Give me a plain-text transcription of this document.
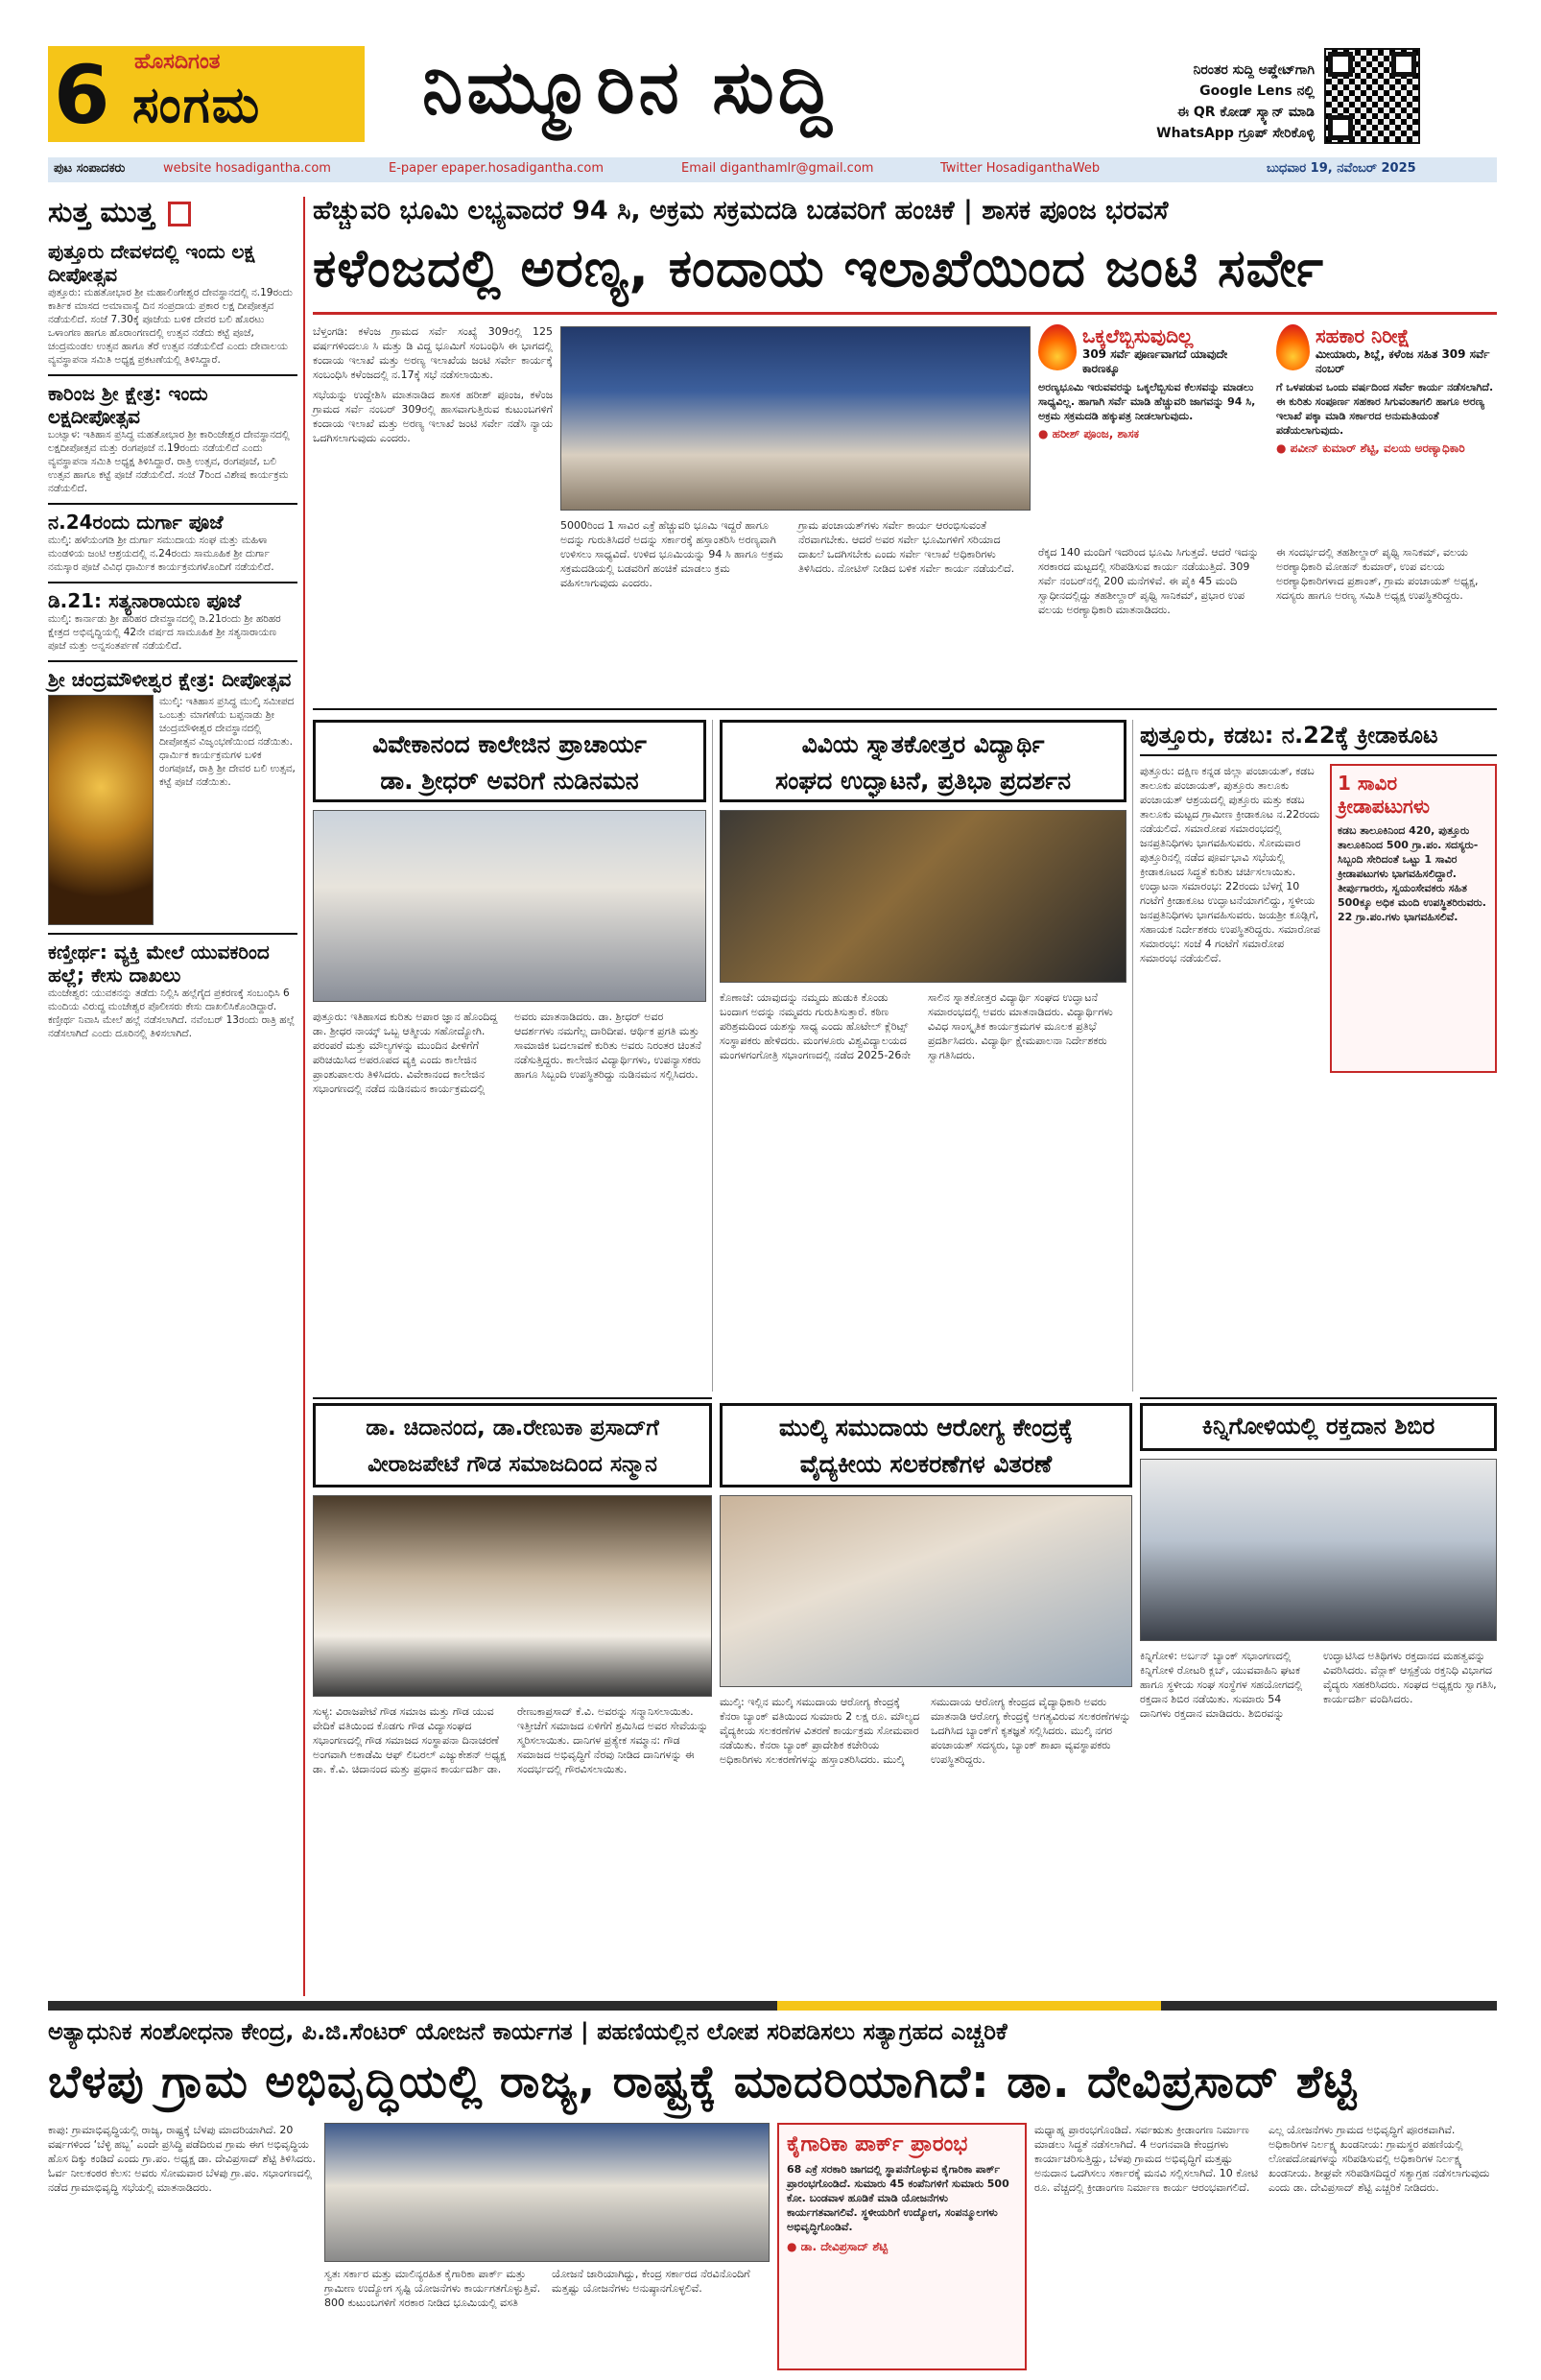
6 ಹೊಸದಿಗಂತ
ಸಂಗಮ ನಿಮ್ಮೂರಿನ ಸುದ್ದಿ	ನಿರಂತರ ಸುದ್ದಿ ಅಪ್ಡೇಟ್‌ಗಾಗಿ
Google Lens ನಲ್ಲಿ
ಈ QR ಕೋಡ್ ಸ್ಕ್ಯಾನ್ ಮಾಡಿ
WhatsApp ಗ್ರೂಪ್ ಸೇರಿಕೊಳ್ಳಿ
ಪುಟ ಸಂಪಾದಕರು	website hosadigantha.com	E-paper epaper.hosadigantha.com	Email diganthamlr@gmail.com	Twitter HosadiganthaWeb	ಬುಧವಾರ 19, ನವೆಂಬರ್ 2025
ಸುತ್ತ ಮುತ್ತ
ಪುತ್ತೂರು ದೇವಳದಲ್ಲಿ ಇಂದು ಲಕ್ಷ ದೀಪೋತ್ಸವ
ಪುತ್ತೂರು: ಮಹತೋಭಾರ ಶ್ರೀ ಮಹಾಲಿಂಗೇಶ್ವರ ದೇವಸ್ಥಾನದಲ್ಲಿ ನ.19ರಂದು ಕಾರ್ತಿಕ ಮಾಸದ ಅಮಾವಾಸ್ಯೆ ದಿನ ಸಂಪ್ರದಾಯ ಪ್ರಕಾರ ಲಕ್ಷ ದೀಪೋತ್ಸವ ನಡೆಯಲಿದೆ. ಸಂಜೆ 7.30ಕ್ಕೆ ಪೂಜೆಯ ಬಳಿಕ ದೇವರ ಬಲಿ ಹೊರಟು ಒಳಾಂಗಣ ಹಾಗೂ ಹೊರಾಂಗಣದಲ್ಲಿ ಉತ್ಸವ ನಡೆದು ಕಟ್ಟೆ ಪೂಜೆ, ಚಂದ್ರಮಂಡಲ ಉತ್ಸವ ಹಾಗೂ ತೆರೆ ಉತ್ಸವ ನಡೆಯಲಿದೆ ಎಂದು ದೇವಾಲಯ ವ್ಯವಸ್ಥಾಪನಾ ಸಮಿತಿ ಅಧ್ಯಕ್ಷ ಪ್ರಕಟಣೆಯಲ್ಲಿ ತಿಳಿಸಿದ್ದಾರೆ.
ಕಾರಿಂಜ ಶ್ರೀ ಕ್ಷೇತ್ರ: ಇಂದು ಲಕ್ಷದೀಪೋತ್ಸವ
ಬಂಟ್ವಾಳ: ಇತಿಹಾಸ ಪ್ರಸಿದ್ಧ ಮಹತೋಭಾರ ಶ್ರೀ ಕಾರಿಂಜೇಶ್ವರ ದೇವಸ್ಥಾನದಲ್ಲಿ ಲಕ್ಷದೀಪೋತ್ಸವ ಮತ್ತು ರಂಗಪೂಜೆ ನ.19ರಂದು ನಡೆಯಲಿದೆ ಎಂದು ವ್ಯವಸ್ಥಾಪನಾ ಸಮಿತಿ ಅಧ್ಯಕ್ಷ ತಿಳಿಸಿದ್ದಾರೆ. ರಾತ್ರಿ ಉತ್ಸವ, ರಂಗಪೂಜೆ, ಬಲಿ ಉತ್ಸವ ಹಾಗೂ ಕಟ್ಟೆ ಪೂಜೆ ನಡೆಯಲಿದೆ. ಸಂಜೆ 7ರಿಂದ ವಿಶೇಷ ಕಾರ್ಯಕ್ರಮ ನಡೆಯಲಿದೆ.
ನ.24ರಂದು ದುರ್ಗಾ ಪೂಜೆ
ಮುಲ್ಕಿ: ಹಳೆಯಂಗಡಿ ಶ್ರೀ ದುರ್ಗಾ ಸಮುದಾಯ ಸಂಘ ಮತ್ತು ಮಹಿಳಾ ಮಂಡಳಿಯ ಜಂಟಿ ಆಶ್ರಯದಲ್ಲಿ ನ.24ರಂದು ಸಾಮೂಹಿಕ ಶ್ರೀ ದುರ್ಗಾ ನಮಸ್ಕಾರ ಪೂಜೆ ವಿವಿಧ ಧಾರ್ಮಿಕ ಕಾರ್ಯಕ್ರಮಗಳೊಂದಿಗೆ ನಡೆಯಲಿದೆ.
ಡಿ.21: ಸತ್ಯನಾರಾಯಣ ಪೂಜೆ
ಮುಲ್ಕಿ: ಕಾರ್ನಾಡು ಶ್ರೀ ಹರಿಹರ ದೇವಸ್ಥಾನದಲ್ಲಿ ಡಿ.21ರಂದು ಶ್ರೀ ಹರಿಹರ ಕ್ಷೇತ್ರದ ಅಭಿವೃದ್ಧಿಯಲ್ಲಿ 42ನೇ ವರ್ಷದ ಸಾಮೂಹಿಕ ಶ್ರೀ ಸತ್ಯನಾರಾಯಣ ಪೂಜೆ ಮತ್ತು ಅನ್ನಸಂತರ್ಪಣೆ ನಡೆಯಲಿದೆ.
ಶ್ರೀ ಚಂದ್ರಮೌಳೀಶ್ವರ ಕ್ಷೇತ್ರ: ದೀಪೋತ್ಸವ
ಮುಲ್ಕಿ: ಇತಿಹಾಸ ಪ್ರಸಿದ್ಧ ಮುಲ್ಕಿ ಸಮೀಪದ ಒಂಬತ್ತು ಮಾಗಣೆಯ ಬಪ್ಪನಾಡು ಶ್ರೀ ಚಂದ್ರಮೌಳೀಶ್ವರ ದೇವಸ್ಥಾನದಲ್ಲಿ ದೀಪೋತ್ಸವ ವಿಜೃಂಭಣೆಯಿಂದ ನಡೆಯಿತು. ಧಾರ್ಮಿಕ ಕಾರ್ಯಕ್ರಮಗಳ ಬಳಿಕ ರಂಗಪೂಜೆ, ರಾತ್ರಿ ಶ್ರೀ ದೇವರ ಬಲಿ ಉತ್ಸವ, ಕಟ್ಟೆ ಪೂಜೆ ನಡೆಯಿತು.
ಕಣ್ತೀರ್ಥ: ವ್ಯಕ್ತಿ ಮೇಲೆ ಯುವಕರಿಂದ ಹಲ್ಲೆ; ಕೇಸು ದಾಖಲು
ಮಂಜೇಶ್ವರ: ಯುವಕನನ್ನು ತಡೆದು ನಿಲ್ಲಿಸಿ ಹಲ್ಲೆಗೈದ ಪ್ರಕರಣಕ್ಕೆ ಸಂಬಂಧಿಸಿ 6 ಮಂದಿಯ ವಿರುದ್ಧ ಮಂಜೇಶ್ವರ ಪೊಲೀಸರು ಕೇಸು ದಾಖಲಿಸಿಕೊಂಡಿದ್ದಾರೆ. ಕಣ್ತೀರ್ಥ ನಿವಾಸಿ ಮೇಲೆ ಹಲ್ಲೆ ನಡೆಸಲಾಗಿದೆ. ನವೆಂಬರ್ 13ರಂದು ರಾತ್ರಿ ಹಲ್ಲೆ ನಡೆಸಲಾಗಿದೆ ಎಂದು ದೂರಿನಲ್ಲಿ ತಿಳಿಸಲಾಗಿದೆ.
ಹೆಚ್ಚುವರಿ ಭೂಮಿ ಲಭ್ಯವಾದರೆ 94 ಸಿ, ಅಕ್ರಮ ಸಕ್ರಮದಡಿ ಬಡವರಿಗೆ ಹಂಚಿಕೆ | ಶಾಸಕ ಪೂಂಜ ಭರವಸೆ
ಕಳೆಂಜದಲ್ಲಿ ಅರಣ್ಯ, ಕಂದಾಯ ಇಲಾಖೆಯಿಂದ ಜಂಟಿ ಸರ್ವೇ

ಬೆಳ್ತಂಗಡಿ: ಕಳೆಂಜ ಗ್ರಾಮದ ಸರ್ವೆ ಸಂಖ್ಯೆ 309ರಲ್ಲಿ 125 ವರ್ಷಗಳಿಂದಲೂ ಸಿ ಮತ್ತು ಡಿ ವಿದ್ದ ಭೂಮಿಗೆ ಸಂಬಂಧಿಸಿ ಈ ಭಾಗದಲ್ಲಿ ಕಂದಾಯ ಇಲಾಖೆ ಮತ್ತು ಅರಣ್ಯ ಇಲಾಖೆಯ ಜಂಟಿ ಸರ್ವೇ ಕಾರ್ಯಕ್ಕೆ ಸಂಬಂಧಿಸಿ ಕಳೆಂಜದಲ್ಲಿ ನ.17ಕ್ಕೆ ಸಭೆ ನಡೆಸಲಾಯಿತು.

ಸಭೆಯನ್ನು ಉದ್ದೇಶಿಸಿ ಮಾತನಾಡಿದ ಶಾಸಕ ಹರೀಶ್ ಪೂಂಜ, ಕಳೆಂಜ ಗ್ರಾಮದ ಸರ್ವೆ ನಂಬರ್ 309ರಲ್ಲಿ ಹಾಸವಾಗುತ್ತಿರುವ ಕುಟುಂಬಗಳಿಗೆ ಕಂದಾಯ ಇಲಾಖೆ ಮತ್ತು ಅರಣ್ಯ ಇಲಾಖೆ ಜಂಟಿ ಸರ್ವೇ ನಡೆಸಿ ನ್ಯಾಯ ಒದಗಿಸಲಾಗುವುದು ಎಂದರು.

5000ರಿಂದ 1 ಸಾವಿರ ಎಕ್ರೆ ಹೆಚ್ಚುವರಿ ಭೂಮಿ ಇದ್ದರೆ ಹಾಗೂ ಅದನ್ನು ಗುರುತಿಸಿದರೆ ಅದನ್ನು ಸರ್ಕಾರಕ್ಕೆ ಹಸ್ತಾಂತರಿಸಿ ಅರಣ್ಯವಾಗಿ ಉಳಿಸಲು ಸಾಧ್ಯವಿದೆ. ಉಳಿದ ಭೂಮಿಯನ್ನು 94 ಸಿ ಹಾಗೂ ಅಕ್ರಮ ಸಕ್ರಮದಡಿಯಲ್ಲಿ ಬಡವರಿಗೆ ಹಂಚಿಕೆ ಮಾಡಲು ಕ್ರಮ ವಹಿಸಲಾಗುವುದು ಎಂದರು.
ಗ್ರಾಮ ಪಂಚಾಯತ್‌ಗಳು ಸರ್ವೇ ಕಾರ್ಯ ಆರಂಭಿಸುವಂತೆ ನೆರವಾಗಬೇಕು. ಆದರೆ ಅವರ ಸರ್ವೇ ಭೂಮಿಗಳಿಗೆ ಸರಿಯಾದ ದಾಖಲೆ ಒದಗಿಸಬೇಕು ಎಂದು ಸರ್ವೇ ಇಲಾಖೆ ಅಧಿಕಾರಿಗಳು ತಿಳಿಸಿದರು. ನೋಟಿಸ್ ನೀಡಿದ ಬಳಿಕ ಸರ್ವೇ ಕಾರ್ಯ ನಡೆಯಲಿದೆ.
ಒಕ್ಕಲೆಬ್ಬಿಸುವುದಿಲ್ಲ
309 ಸರ್ವೆ ಪೂರ್ಣವಾಗದೆ ಯಾವುದೇ ಕಾರಣಕ್ಕೂ
ಅರಣ್ಯಭೂಮಿ ಇರುವವರನ್ನು ಒಕ್ಕಲೆಬ್ಬಿಸುವ ಕೆಲಸವನ್ನು ಮಾಡಲು ಸಾಧ್ಯವಿಲ್ಲ. ಹಾಗಾಗಿ ಸರ್ವೆ ಮಾಡಿ ಹೆಚ್ಚುವರಿ ಜಾಗವನ್ನು 94 ಸಿ, ಅಕ್ರಮ ಸಕ್ರಮದಡಿ ಹಕ್ಕುಪತ್ರ ನೀಡಲಾಗುವುದು.
● ಹರೀಶ್ ಪೂಂಜ, ಶಾಸಕ
ಸಹಕಾರ ನಿರೀಕ್ಷೆ
ಮೀಯಾರು, ಶಿಬ್ಲೆ, ಕಳೆಂಜ ಸಹಿತ 309 ಸರ್ವೆ ನಂಬರ್
ಗೆ ಒಳಪಡುವ ಒಂದು ವರ್ಷದಿಂದ ಸರ್ವೇ ಕಾರ್ಯ ನಡೆಸಲಾಗಿದೆ. ಈ ಕುರಿತು ಸಂಪೂರ್ಣ ಸಹಕಾರ ಸಿಗುವಂತಾಗಲಿ ಹಾಗೂ ಅರಣ್ಯ ಇಲಾಖೆ ಪಕ್ಕಾ ಮಾಡಿ ಸರ್ಕಾರದ ಅನುಮತಿಯಂತೆ ಪಡೆಯಲಾಗುವುದು.
● ಪವೀನ್ ಕುಮಾರ್ ಶೆಟ್ಟಿ, ವಲಯ ಅರಣ್ಯಾಧಿಕಾರಿ
ರೆಕ್ಕದ 140 ಮಂದಿಗೆ ಇದರಿಂದ ಭೂಮಿ ಸಿಗುತ್ತದೆ. ಆದರೆ ಇದನ್ನು ಸರಕಾರದ ಮಟ್ಟದಲ್ಲಿ ಸರಿಪಡಿಸುವ ಕಾರ್ಯ ನಡೆಯುತ್ತಿದೆ. 309 ಸರ್ವೆ ನಂಬರ್‌ನಲ್ಲಿ 200 ಮನೆಗಳಿವೆ. ಈ ಪೈಕಿ 45 ಮಂದಿ ಸ್ವಾಧೀನದಲ್ಲಿದ್ದು ತಹಶೀಲ್ದಾರ್ ಪೃಥ್ವಿ ಸಾನಿಕಮ್, ಪ್ರಭಾರ ಉಪ ವಲಯ ಅರಣ್ಯಾಧಿಕಾರಿ ಮಾತನಾಡಿದರು.
ಈ ಸಂದರ್ಭದಲ್ಲಿ ತಹಶೀಲ್ದಾರ್ ಪೃಥ್ವಿ ಸಾನಿಕಮ್, ವಲಯ ಅರಣ್ಯಾಧಿಕಾರಿ ಮೋಹನ್ ಕುಮಾರ್, ಉಪ ವಲಯ ಅರಣ್ಯಾಧಿಕಾರಿಗಳಾದ ಪ್ರಶಾಂತ್, ಗ್ರಾಮ ಪಂಚಾಯತ್ ಅಧ್ಯಕ್ಷ, ಸದಸ್ಯರು ಹಾಗೂ ಅರಣ್ಯ ಸಮಿತಿ ಅಧ್ಯಕ್ಷ ಉಪಸ್ಥಿತರಿದ್ದರು.
ವಿವೇಕಾನಂದ ಕಾಲೇಜಿನ ಪ್ರಾಚಾರ್ಯ
ಡಾ. ಶ್ರೀಧರ್ ಅವರಿಗೆ ನುಡಿನಮನ
ಪುತ್ತೂರು: ಇತಿಹಾಸದ ಕುರಿತು ಅಪಾರ ಜ್ಞಾನ ಹೊಂದಿದ್ದ ಡಾ. ಶ್ರೀಧರ ನಾಯ್ಕ್ ಒಬ್ಬ ಆತ್ಮೀಯ ಸಹೋದ್ಯೋಗಿ. ಪರಂಪರೆ ಮತ್ತು ಮೌಲ್ಯಗಳನ್ನು ಮುಂದಿನ ಪೀಳಿಗೆಗೆ ಪರಿಚಯಿಸಿದ ಅಪರೂಪದ ವ್ಯಕ್ತಿ ಎಂದು ಕಾಲೇಜಿನ ಪ್ರಾಂಶುಪಾಲರು ತಿಳಿಸಿದರು. ವಿವೇಕಾನಂದ ಕಾಲೇಜಿನ ಸಭಾಂಗಣದಲ್ಲಿ ನಡೆದ ನುಡಿನಮನ ಕಾರ್ಯಕ್ರಮದಲ್ಲಿ ಅವರು ಮಾತನಾಡಿದರು. ಡಾ. ಶ್ರೀಧರ್ ಅವರ ಆದರ್ಶಗಳು ನಮಗೆಲ್ಲ ದಾರಿದೀಪ. ಆರ್ಥಿಕ ಪ್ರಗತಿ ಮತ್ತು ಸಾಮಾಜಿಕ ಬದಲಾವಣೆ ಕುರಿತು ಅವರು ನಿರಂತರ ಚಿಂತನೆ ನಡೆಸುತ್ತಿದ್ದರು. ಕಾಲೇಜಿನ ವಿದ್ಯಾರ್ಥಿಗಳು, ಉಪನ್ಯಾಸಕರು ಹಾಗೂ ಸಿಬ್ಬಂದಿ ಉಪಸ್ಥಿತರಿದ್ದು ನುಡಿನಮನ ಸಲ್ಲಿಸಿದರು.
ವಿವಿಯ ಸ್ನಾತಕೋತ್ತರ ವಿದ್ಯಾರ್ಥಿ
ಸಂಘದ ಉದ್ಘಾಟನೆ, ಪ್ರತಿಭಾ ಪ್ರದರ್ಶನ
ಕೊಣಾಜೆ: ಯಾವುದನ್ನು ನಮ್ಮದು ಹುಡುಕಿ ಕೊಂಡು ಬಂದಾಗ ಅದನ್ನು ನಮ್ಮವರು ಗುರುತಿಸುತ್ತಾರೆ. ಕಠಿಣ ಪರಿಶ್ರಮದಿಂದ ಯಶಸ್ಸು ಸಾಧ್ಯ ಎಂದು ಹೊಟೇಲ್ ಕ್ಲೆರಿಟ್ಸ್ ಸಂಸ್ಥಾಪಕರು ಹೇಳಿದರು. ಮಂಗಳೂರು ವಿಶ್ವವಿದ್ಯಾಲಯದ ಮಂಗಳಗಂಗೋತ್ರಿ ಸಭಾಂಗಣದಲ್ಲಿ ನಡೆದ 2025-26ನೇ ಸಾಲಿನ ಸ್ನಾತಕೋತ್ತರ ವಿದ್ಯಾರ್ಥಿ ಸಂಘದ ಉದ್ಘಾಟನೆ ಸಮಾರಂಭದಲ್ಲಿ ಅವರು ಮಾತನಾಡಿದರು. ವಿದ್ಯಾರ್ಥಿಗಳು ವಿವಿಧ ಸಾಂಸ್ಕೃತಿಕ ಕಾರ್ಯಕ್ರಮಗಳ ಮೂಲಕ ಪ್ರತಿಭೆ ಪ್ರದರ್ಶಿಸಿದರು. ವಿದ್ಯಾರ್ಥಿ ಕ್ಷೇಮಪಾಲನಾ ನಿರ್ದೇಶಕರು ಸ್ವಾಗತಿಸಿದರು.
ಪುತ್ತೂರು, ಕಡಬ: ನ.22ಕ್ಕೆ ಕ್ರೀಡಾಕೂಟ
1 ಸಾವಿರ ಕ್ರೀಡಾಪಟುಗಳು
ಕಡಬ ತಾಲೂಕಿನಿಂದ 420, ಪುತ್ತೂರು ತಾಲೂಕಿನಿಂದ 500 ಗ್ರಾ.ಪಂ. ಸದಸ್ಯರು- ಸಿಬ್ಬಂದಿ ಸೇರಿದಂತೆ ಒಟ್ಟು 1 ಸಾವಿರ ಕ್ರೀಡಾಪಟುಗಳು ಭಾಗವಹಿಸಲಿದ್ದಾರೆ. ತೀರ್ಪುಗಾರರು, ಸ್ವಯಂಸೇವಕರು ಸಹಿತ 500ಕ್ಕೂ ಅಧಿಕ ಮಂದಿ ಉಪಸ್ಥಿತರಿರುವರು. 22 ಗ್ರಾ.ಪಂ.ಗಳು ಭಾಗವಹಿಸಲಿವೆ.
ಪುತ್ತೂರು: ದಕ್ಷಿಣ ಕನ್ನಡ ಜಿಲ್ಲಾ ಪಂಚಾಯತ್, ಕಡಬ ತಾಲೂಕು ಪಂಚಾಯತ್, ಪುತ್ತೂರು ತಾಲೂಕು ಪಂಚಾಯತ್ ಆಶ್ರಯದಲ್ಲಿ ಪುತ್ತೂರು ಮತ್ತು ಕಡಬ ತಾಲೂಕು ಮಟ್ಟದ ಗ್ರಾಮೀಣ ಕ್ರೀಡಾಕೂಟ ನ.22ರಂದು ನಡೆಯಲಿದೆ. ಸಮಾರೋಪ ಸಮಾರಂಭದಲ್ಲಿ ಜನಪ್ರತಿನಿಧಿಗಳು ಭಾಗವಹಿಸುವರು. ಸೋಮವಾರ ಪುತ್ತೂರಿನಲ್ಲಿ ನಡೆದ ಪೂರ್ವಭಾವಿ ಸಭೆಯಲ್ಲಿ ಕ್ರೀಡಾಕೂಟದ ಸಿದ್ಧತೆ ಕುರಿತು ಚರ್ಚಿಸಲಾಯಿತು. ಉದ್ಘಾಟನಾ ಸಮಾರಂಭ: 22ರಂದು ಬೆಳಗ್ಗೆ 10 ಗಂಟೆಗೆ ಕ್ರೀಡಾಕೂಟ ಉದ್ಘಾಟನೆಯಾಗಲಿದ್ದು, ಸ್ಥಳೀಯ ಜನಪ್ರತಿನಿಧಿಗಳು ಭಾಗವಹಿಸುವರು. ಜಯಶ್ರೀ ಕೂಡ್ಲಿಗೆ, ಸಹಾಯಕ ನಿರ್ದೇಶಕರು ಉಪಸ್ಥಿತರಿದ್ದರು. ಸಮಾರೋಪ ಸಮಾರಂಭ: ಸಂಜೆ 4 ಗಂಟೆಗೆ ಸಮಾರೋಪ ಸಮಾರಂಭ ನಡೆಯಲಿದೆ.
ಮುಲ್ಕಿ ಸಮುದಾಯ ಆರೋಗ್ಯ ಕೇಂದ್ರಕ್ಕೆ
ವೈದ್ಯಕೀಯ ಸಲಕರಣೆಗಳ ವಿತರಣೆ
ಮುಲ್ಕಿ: ಇಲ್ಲಿನ ಮುಲ್ಕಿ ಸಮುದಾಯ ಆರೋಗ್ಯ ಕೇಂದ್ರಕ್ಕೆ ಕೆನರಾ ಬ್ಯಾಂಕ್ ವತಿಯಿಂದ ಸುಮಾರು 2 ಲಕ್ಷ ರೂ. ಮೌಲ್ಯದ ವೈದ್ಯಕೀಯ ಸಲಕರಣೆಗಳ ವಿತರಣೆ ಕಾರ್ಯಕ್ರಮ ಸೋಮವಾರ ನಡೆಯಿತು. ಕೆನರಾ ಬ್ಯಾಂಕ್ ಪ್ರಾದೇಶಿಕ ಕಚೇರಿಯ ಅಧಿಕಾರಿಗಳು ಸಲಕರಣೆಗಳನ್ನು ಹಸ್ತಾಂತರಿಸಿದರು. ಮುಲ್ಕಿ ಸಮುದಾಯ ಆರೋಗ್ಯ ಕೇಂದ್ರದ ವೈದ್ಯಾಧಿಕಾರಿ ಅವರು ಮಾತನಾಡಿ ಆರೋಗ್ಯ ಕೇಂದ್ರಕ್ಕೆ ಅಗತ್ಯವಿರುವ ಸಲಕರಣೆಗಳನ್ನು ಒದಗಿಸಿದ ಬ್ಯಾಂಕ್‌ಗೆ ಕೃತಜ್ಞತೆ ಸಲ್ಲಿಸಿದರು. ಮುಲ್ಕಿ ನಗರ ಪಂಚಾಯತ್ ಸದಸ್ಯರು, ಬ್ಯಾಂಕ್ ಶಾಖಾ ವ್ಯವಸ್ಥಾಪಕರು ಉಪಸ್ಥಿತರಿದ್ದರು.
ಡಾ. ಚಿದಾನಂದ, ಡಾ.ರೇಣುಕಾ ಪ್ರಸಾದ್‌ಗೆ
ವೀರಾಜಪೇಟೆ ಗೌಡ ಸಮಾಜದಿಂದ ಸನ್ಮಾನ
ಸುಳ್ಯ: ವಿರಾಜಪೇಟೆ ಗೌಡ ಸಮಾಜ ಮತ್ತು ಗೌಡ ಯುವ ವೇದಿಕೆ ವತಿಯಿಂದ ಕೊಡಗು ಗೌಡ ವಿದ್ಯಾಸಂಘದ ಸಭಾಂಗಣದಲ್ಲಿ ಗೌಡ ಸಮಾಜದ ಸಂಸ್ಥಾಪನಾ ದಿನಾಚರಣೆ ಅಂಗವಾಗಿ ಅಕಾಡೆಮಿ ಆಫ್ ಲಿಬರಲ್ ಎಜ್ಯುಕೇಶನ್ ಅಧ್ಯಕ್ಷ ಡಾ. ಕೆ.ವಿ. ಚಿದಾನಂದ ಮತ್ತು ಪ್ರಧಾನ ಕಾರ್ಯದರ್ಶಿ ಡಾ. ರೇಣುಕಾಪ್ರಸಾದ್ ಕೆ.ವಿ. ಅವರನ್ನು ಸನ್ಮಾನಿಸಲಾಯಿತು. ಇತ್ತೀಚೆಗೆ ಸಮಾಜದ ಏಳಿಗೆಗೆ ಶ್ರಮಿಸಿದ ಅವರ ಸೇವೆಯನ್ನು ಸ್ಮರಿಸಲಾಯಿತು. ದಾನಿಗಳ ಪ್ರತ್ಯೇಕ ಸಮ್ಮಾನ: ಗೌಡ ಸಮಾಜದ ಅಭಿವೃದ್ಧಿಗೆ ನೆರವು ನೀಡಿದ ದಾನಿಗಳನ್ನು ಈ ಸಂದರ್ಭದಲ್ಲಿ ಗೌರವಿಸಲಾಯಿತು.
ಕಿನ್ನಿಗೋಳಿಯಲ್ಲಿ ರಕ್ತದಾನ ಶಿಬಿರ
ಕಿನ್ನಿಗೋಳಿ: ಅರ್ಬನ್ ಬ್ಯಾಂಕ್ ಸಭಾಂಗಣದಲ್ಲಿ ಕಿನ್ನಿಗೋಳಿ ರೋಟರಿ ಕ್ಲಬ್, ಯುವವಾಹಿನಿ ಘಟಕ ಹಾಗೂ ಸ್ಥಳೀಯ ಸಂಘ ಸಂಸ್ಥೆಗಳ ಸಹಯೋಗದಲ್ಲಿ ರಕ್ತದಾನ ಶಿಬಿರ ನಡೆಯಿತು. ಸುಮಾರು 54 ದಾನಿಗಳು ರಕ್ತದಾನ ಮಾಡಿದರು. ಶಿಬಿರವನ್ನು ಉದ್ಘಾಟಿಸಿದ ಅತಿಥಿಗಳು ರಕ್ತದಾನದ ಮಹತ್ವವನ್ನು ವಿವರಿಸಿದರು. ವೆನ್ಲಾಕ್ ಆಸ್ಪತ್ರೆಯ ರಕ್ತನಿಧಿ ವಿಭಾಗದ ವೈದ್ಯರು ಸಹಕರಿಸಿದರು. ಸಂಘದ ಅಧ್ಯಕ್ಷರು ಸ್ವಾಗತಿಸಿ, ಕಾರ್ಯದರ್ಶಿ ವಂದಿಸಿದರು.
ಅತ್ಯಾಧುನಿಕ ಸಂಶೋಧನಾ ಕೇಂದ್ರ, ಪಿ.ಜಿ.ಸೆಂಟರ್ ಯೋಜನೆ ಕಾರ್ಯಗತ | ಪಹಣಿಯಲ್ಲಿನ ಲೋಪ ಸರಿಪಡಿಸಲು ಸತ್ಯಾಗ್ರಹದ ಎಚ್ಚರಿಕೆ
ಬೆಳಪು ಗ್ರಾಮ ಅಭಿವೃದ್ಧಿಯಲ್ಲಿ ರಾಜ್ಯ, ರಾಷ್ಟ್ರಕ್ಕೆ ಮಾದರಿಯಾಗಿದೆ: ಡಾ. ದೇವಿಪ್ರಸಾದ್ ಶೆಟ್ಟಿ
ಕಾಪು: ಗ್ರಾಮಾಭಿವೃದ್ಧಿಯಲ್ಲಿ ರಾಜ್ಯ, ರಾಷ್ಟ್ರಕ್ಕೆ ಬೆಳಪು ಮಾದರಿಯಾಗಿದೆ. 20 ವರ್ಷಗಳಿಂದ ‘ಬೆಳ್ಳಿ ಹಬ್ಬ’ ಎಂದೇ ಪ್ರಸಿದ್ಧಿ ಪಡೆದಿರುವ ಗ್ರಾಮ ಈಗ ಅಭಿವೃದ್ಧಿಯ ಹೊಸ ದಿಕ್ಕು ಕಂಡಿದೆ ಎಂದು ಗ್ರಾ.ಪಂ. ಅಧ್ಯಕ್ಷ ಡಾ. ದೇವಿಪ್ರಸಾದ್ ಶೆಟ್ಟಿ ತಿಳಿಸಿದರು. ಓರ್ವ ನೀಲಕಂಠರ ಕೆಲಸ: ಅವರು ಸೋಮವಾರ ಬೆಳಪು ಗ್ರಾ.ಪಂ. ಸಭಾಂಗಣದಲ್ಲಿ ನಡೆದ ಗ್ರಾಮಾಭಿವೃದ್ಧಿ ಸಭೆಯಲ್ಲಿ ಮಾತನಾಡಿದರು.
ಸ್ವತಃ ಸರ್ಕಾರ ಮತ್ತು ಮಾಲಿನ್ಯರಹಿತ ಕೈಗಾರಿಕಾ ಪಾರ್ಕ್ ಮತ್ತು ಗ್ರಾಮೀಣ ಉದ್ಯೋಗ ಸೃಷ್ಟಿ ಯೋಜನೆಗಳು ಕಾರ್ಯಗತಗೊಳ್ಳುತ್ತಿವೆ. 800 ಕುಟುಂಬಗಳಿಗೆ ಸರಕಾರ ನೀಡಿದ ಭೂಮಿಯಲ್ಲಿ ವಸತಿ ಯೋಜನೆ ಜಾರಿಯಾಗಿದ್ದು, ಕೇಂದ್ರ ಸರ್ಕಾರದ ನೆರವಿನೊಂದಿಗೆ ಮತ್ತಷ್ಟು ಯೋಜನೆಗಳು ಅನುಷ್ಠಾನಗೊಳ್ಳಲಿವೆ.
ಕೈಗಾರಿಕಾ ಪಾರ್ಕ್ ಪ್ರಾರಂಭ
68 ಎಕ್ರೆ ಸರಕಾರಿ ಜಾಗದಲ್ಲಿ ಸ್ಥಾಪನೆಗೊಳ್ಳುವ ಕೈಗಾರಿಕಾ ಪಾರ್ಕ್ ಪ್ರಾರಂಭಗೊಂಡಿದೆ. ಸುಮಾರು 45 ಕಂಪೆನಿಗಳಿಗೆ ಸುಮಾರು 500 ಕೋ. ಬಂಡವಾಳ ಹೂಡಿಕೆ ಮಾಡಿ ಯೋಜನೆಗಳು ಕಾರ್ಯಗತವಾಗಲಿವೆ. ಸ್ಥಳೀಯರಿಗೆ ಉದ್ಯೋಗ, ಸಂಪನ್ಮೂಲಗಳು ಅಭಿವೃದ್ಧಿಗೊಂಡಿವೆ.
● ಡಾ. ದೇವಿಪ್ರಸಾದ್ ಶೆಟ್ಟಿ
ಮಧ್ಯಾಹ್ನ ಪ್ರಾರಂಭಗೊಂಡಿದೆ. ಸರ್ವಋತು ಕ್ರೀಡಾಂಗಣ ನಿರ್ಮಾಣ ಮಾಡಲು ಸಿದ್ಧತೆ ನಡೆಸಲಾಗಿದೆ. 4 ಅಂಗನವಾಡಿ ಕೇಂದ್ರಗಳು ಕಾರ್ಯಾಚರಿಸುತ್ತಿದ್ದು, ಬೆಳಪು ಗ್ರಾಮದ ಅಭಿವೃದ್ಧಿಗೆ ಮತ್ತಷ್ಟು ಅನುದಾನ ಒದಗಿಸಲು ಸರ್ಕಾರಕ್ಕೆ ಮನವಿ ಸಲ್ಲಿಸಲಾಗಿದೆ. 10 ಕೋಟಿ ರೂ. ವೆಚ್ಚದಲ್ಲಿ ಕ್ರೀಡಾಂಗಣ ನಿರ್ಮಾಣ ಕಾರ್ಯ ಆರಂಭವಾಗಲಿದೆ.
ಎಲ್ಲ ಯೋಜನೆಗಳು ಗ್ರಾಮದ ಅಭಿವೃದ್ಧಿಗೆ ಪೂರಕವಾಗಿವೆ. ಅಧಿಕಾರಿಗಳ ನಿರ್ಲಕ್ಷ್ಯ ಖಂಡನೀಯ: ಗ್ರಾಮಸ್ಥರ ಪಹಣಿಯಲ್ಲಿ ಲೋಪದೋಷಗಳನ್ನು ಸರಿಪಡಿಸುವಲ್ಲಿ ಅಧಿಕಾರಿಗಳ ನಿರ್ಲಕ್ಷ್ಯ ಖಂಡನೀಯ. ಶೀಘ್ರವೇ ಸರಿಪಡಿಸದಿದ್ದರೆ ಸತ್ಯಾಗ್ರಹ ನಡೆಸಲಾಗುವುದು ಎಂದು ಡಾ. ದೇವಿಪ್ರಸಾದ್ ಶೆಟ್ಟಿ ಎಚ್ಚರಿಕೆ ನೀಡಿದರು.
